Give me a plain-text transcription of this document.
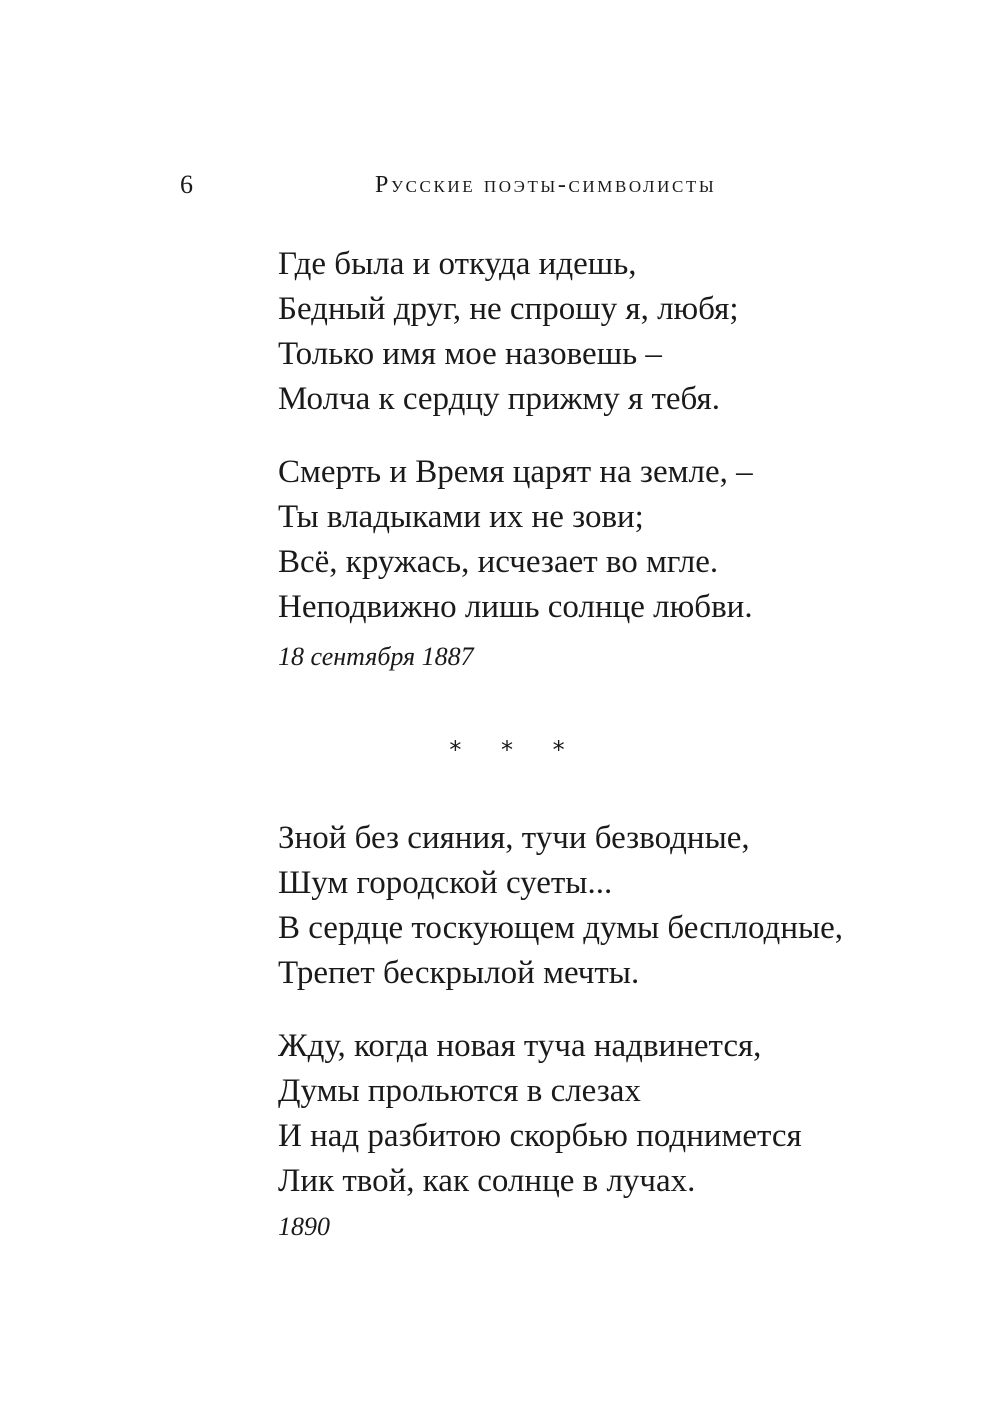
6	Русские поэты-символисты
Где была и откуда идешь,
Бедный друг, не спрошу я, любя;
Только имя мое назовешь –
Молча к сердцу прижму я тебя.
Смерть и Время царят на земле, –
Ты владыками их не зови;
Всё, кружась, исчезает во мгле.
Неподвижно лишь солнце любви.
18 сентября 1887
* * *
Зной без сияния, тучи безводные,
Шум городской суеты...
В сердце тоскующем думы бесплодные,
Трепет бескрылой мечты.
Жду, когда новая туча надвинется,
Думы прольются в слезах
И над разбитою скорбью поднимется
Лик твой, как солнце в лучах.
1890
